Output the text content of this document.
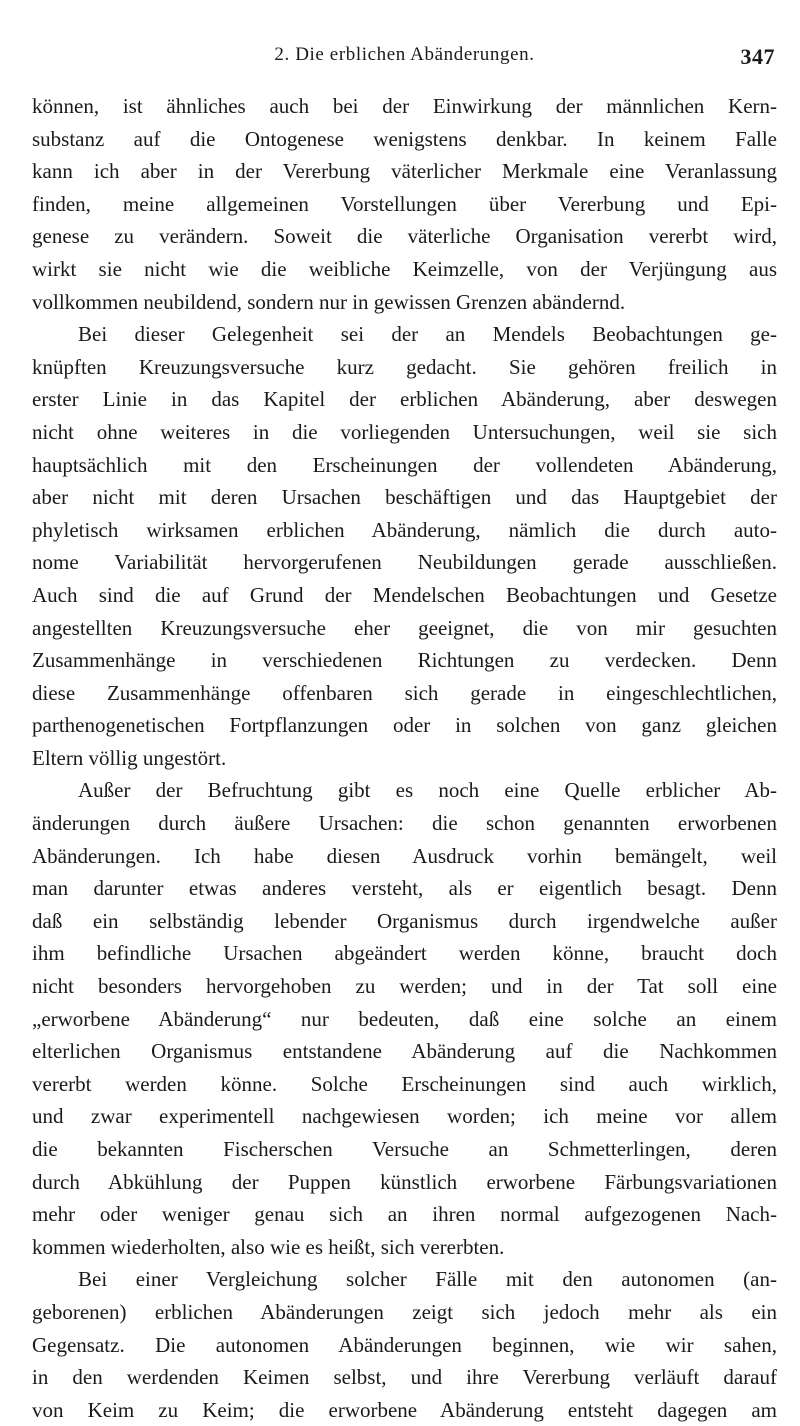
2. Die erblichen Abänderungen.	347
können, ist ähnliches auch bei der Einwirkung der männlichen Kern-
substanz auf die Ontogenese wenigstens denkbar. In keinem Falle
kann ich aber in der Vererbung väterlicher Merkmale eine Veranlassung
finden, meine allgemeinen Vorstellungen über Vererbung und Epi-
genese zu verändern. Soweit die väterliche Organisation vererbt wird,
wirkt sie nicht wie die weibliche Keimzelle, von der Verjüngung aus
vollkommen neubildend, sondern nur in gewissen Grenzen abändernd.
Bei dieser Gelegenheit sei der an Mendels Beobachtungen ge-
knüpften Kreuzungsversuche kurz gedacht. Sie gehören freilich in
erster Linie in das Kapitel der erblichen Abänderung, aber deswegen
nicht ohne weiteres in die vorliegenden Untersuchungen, weil sie sich
hauptsächlich mit den Erscheinungen der vollendeten Abänderung,
aber nicht mit deren Ursachen beschäftigen und das Hauptgebiet der
phyletisch wirksamen erblichen Abänderung, nämlich die durch auto-
nome Variabilität hervorgerufenen Neubildungen gerade ausschließen.
Auch sind die auf Grund der Mendelschen Beobachtungen und Gesetze
angestellten Kreuzungsversuche eher geeignet, die von mir gesuchten
Zusammenhänge in verschiedenen Richtungen zu verdecken. Denn
diese Zusammenhänge offenbaren sich gerade in eingeschlechtlichen,
parthenogenetischen Fortpflanzungen oder in solchen von ganz gleichen
Eltern völlig ungestört.
Außer der Befruchtung gibt es noch eine Quelle erblicher Ab-
änderungen durch äußere Ursachen: die schon genannten erworbenen
Abänderungen. Ich habe diesen Ausdruck vorhin bemängelt, weil
man darunter etwas anderes versteht, als er eigentlich besagt. Denn
daß ein selbständig lebender Organismus durch irgendwelche außer
ihm befindliche Ursachen abgeändert werden könne, braucht doch
nicht besonders hervorgehoben zu werden; und in der Tat soll eine
„erworbene Abänderung“ nur bedeuten, daß eine solche an einem
elterlichen Organismus entstandene Abänderung auf die Nachkommen
vererbt werden könne. Solche Erscheinungen sind auch wirklich,
und zwar experimentell nachgewiesen worden; ich meine vor allem
die bekannten Fischerschen Versuche an Schmetterlingen, deren
durch Abkühlung der Puppen künstlich erworbene Färbungsvariationen
mehr oder weniger genau sich an ihren normal aufgezogenen Nach-
kommen wiederholten, also wie es heißt, sich vererbten.
Bei einer Vergleichung solcher Fälle mit den autonomen (an-
geborenen) erblichen Abänderungen zeigt sich jedoch mehr als ein
Gegensatz. Die autonomen Abänderungen beginnen, wie wir sahen,
in den werdenden Keimen selbst, und ihre Vererbung verläuft darauf
von Keim zu Keim; die erworbene Abänderung entsteht dagegen am
